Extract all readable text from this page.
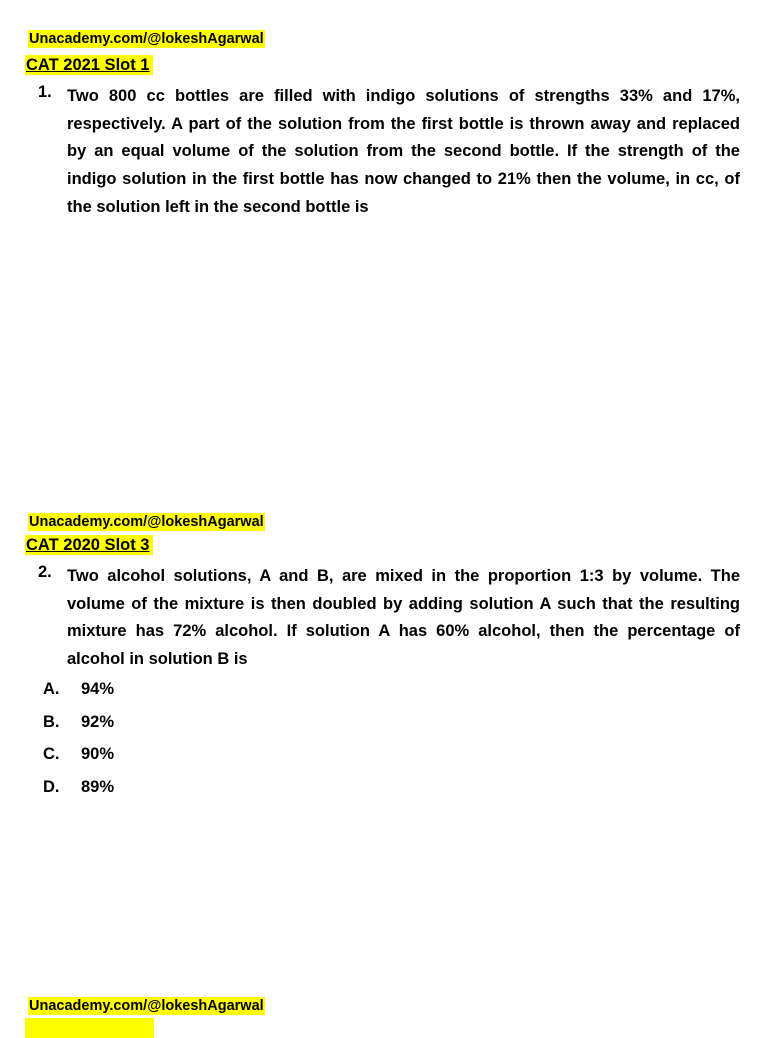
Unacademy.com/@lokeshAgarwal
CAT 2021 Slot 1
1. Two 800 cc bottles are filled with indigo solutions of strengths 33% and 17%, respectively. A part of the solution from the first bottle is thrown away and replaced by an equal volume of the solution from the second bottle. If the strength of the indigo solution in the first bottle has now changed to 21% then the volume, in cc, of the solution left in the second bottle is
Unacademy.com/@lokeshAgarwal
CAT 2020 Slot 3
2. Two alcohol solutions, A and B, are mixed in the proportion 1:3 by volume. The volume of the mixture is then doubled by adding solution A such that the resulting mixture has 72% alcohol. If solution A has 60% alcohol, then the percentage of alcohol in solution B is
A.	94%
B.	92%
C.	90%
D.	89%
Unacademy.com/@lokeshAgarwal
